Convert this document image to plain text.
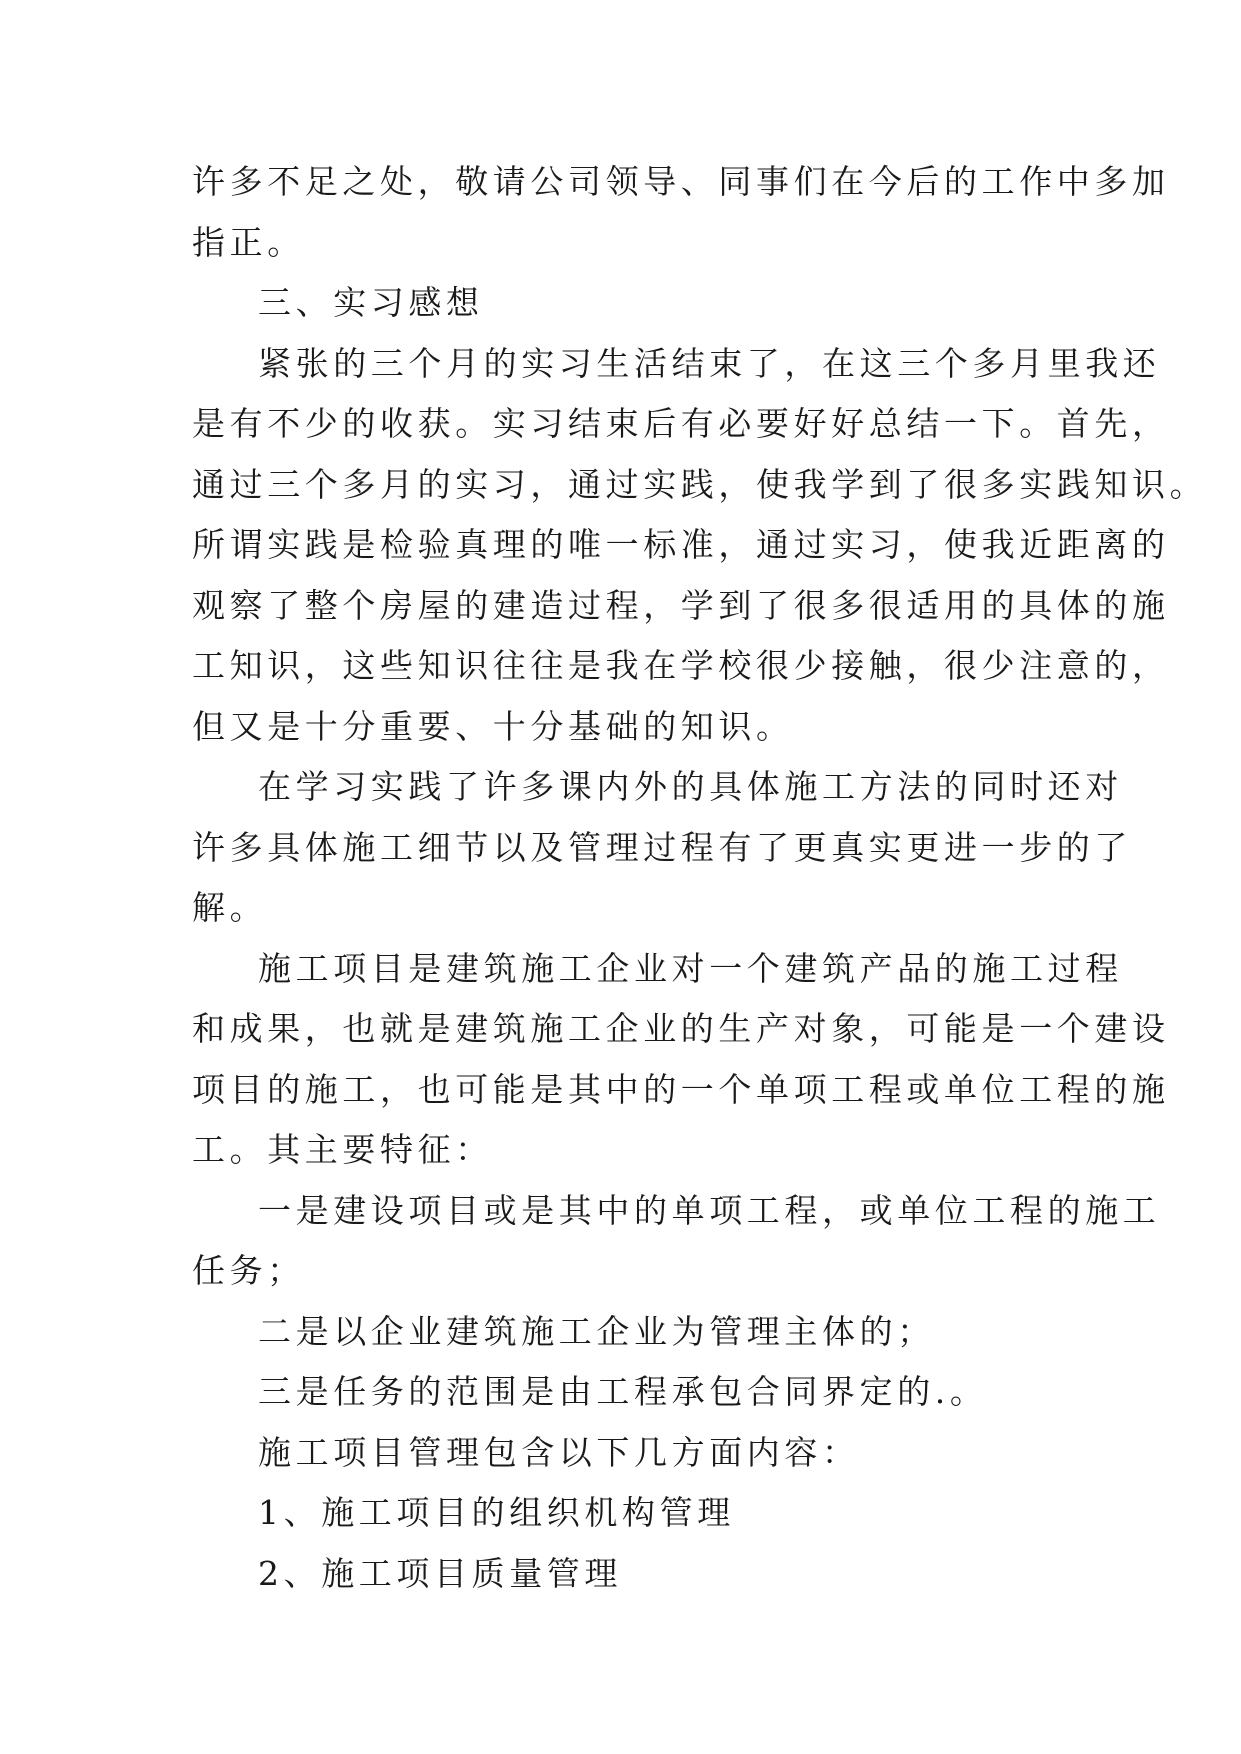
许多不足之处，敬请公司领导、同事们在今后的工作中多加
指正。
三、实习感想
紧张的三个月的实习生活结束了，在这三个多月里我还
是有不少的收获。实习结束后有必要好好总结一下。首先，
通过三个多月的实习，通过实践，使我学到了很多实践知识。
所谓实践是检验真理的唯一标准，通过实习，使我近距离的
观察了整个房屋的建造过程，学到了很多很适用的具体的施
工知识，这些知识往往是我在学校很少接触，很少注意的，
但又是十分重要、十分基础的知识。
在学习实践了许多课内外的具体施工方法的同时还对
许多具体施工细节以及管理过程有了更真实更进一步的了
解。
施工项目是建筑施工企业对一个建筑产品的施工过程
和成果，也就是建筑施工企业的生产对象，可能是一个建设
项目的施工，也可能是其中的一个单项工程或单位工程的施
工。其主要特征：
一是建设项目或是其中的单项工程，或单位工程的施工
任务；
二是以企业建筑施工企业为管理主体的；
三是任务的范围是由工程承包合同界定的.。
施工项目管理包含以下几方面内容：
1、施工项目的组织机构管理
2、施工项目质量管理
